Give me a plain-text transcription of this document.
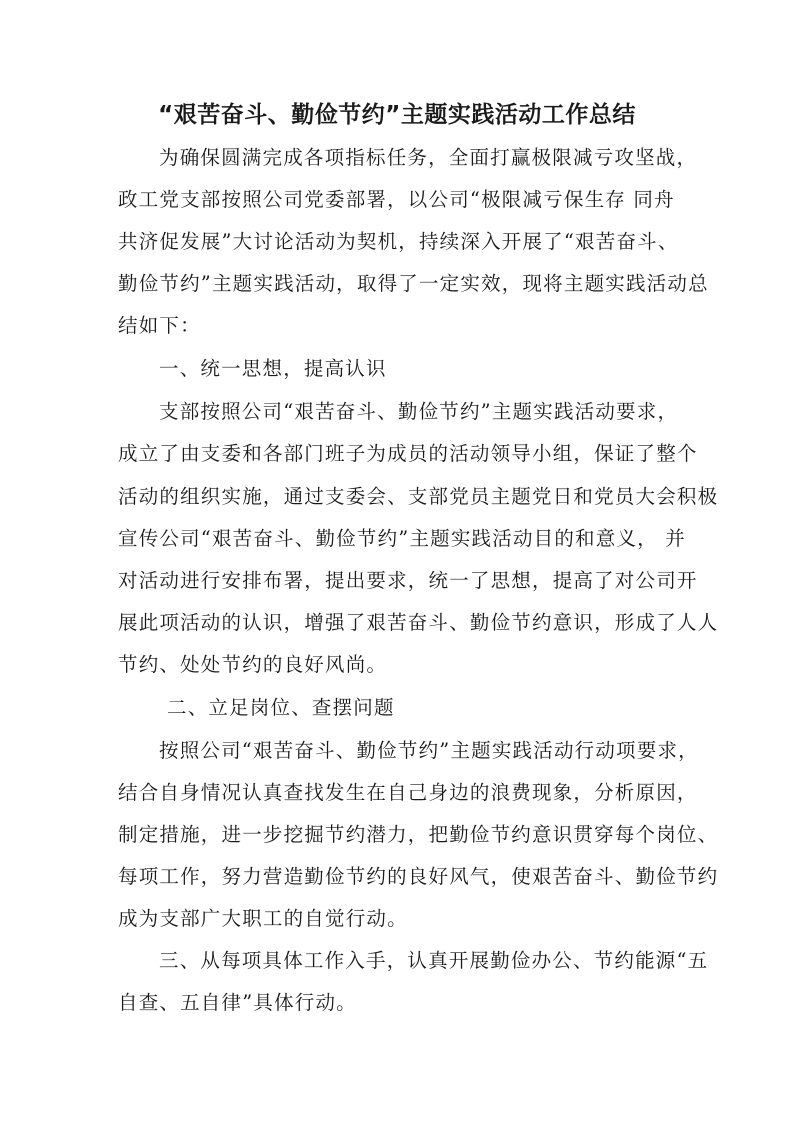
“艰苦奋斗、勤俭节约”主题实践活动工作总结
为确保圆满完成各项指标任务，全面打赢极限减亏攻坚战，
政工党支部按照公司党委部署，以公司“极限减亏保生存 同舟
共济促发展”大讨论活动为契机，持续深入开展了“艰苦奋斗、
勤俭节约”主题实践活动，取得了一定实效，现将主题实践活动总
结如下：
一、统一思想，提高认识
支部按照公司“艰苦奋斗、勤俭节约”主题实践活动要求，
成立了由支委和各部门班子为成员的活动领导小组，保证了整个
活动的组织实施，通过支委会、支部党员主题党日和党员大会积极
宣传公司“艰苦奋斗、勤俭节约”主题实践活动目的和意义， 并
对活动进行安排布署，提出要求，统一了思想，提高了对公司开
展此项活动的认识，增强了艰苦奋斗、勤俭节约意识，形成了人人
节约、处处节约的良好风尚。
二、立足岗位、查摆问题
按照公司“艰苦奋斗、勤俭节约”主题实践活动行动项要求，
结合自身情况认真查找发生在自己身边的浪费现象，分析原因，
制定措施，进一步挖掘节约潜力，把勤俭节约意识贯穿每个岗位、
每项工作，努力营造勤俭节约的良好风气，使艰苦奋斗、勤俭节约
成为支部广大职工的自觉行动。
三、从每项具体工作入手，认真开展勤俭办公、节约能源“五
自查、五自律”具体行动。
